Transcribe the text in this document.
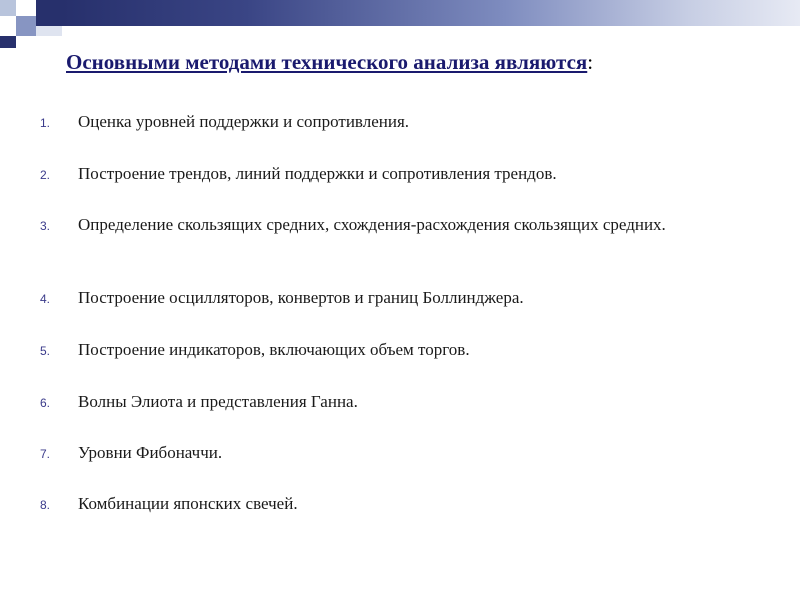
Основными методами технического анализа являются:
1. Оценка уровней поддержки и сопротивления.
2. Построение трендов, линий поддержки и сопротивления трендов.
3. Определение скользящих средних, схождения-расхождения скользящих средних.
4. Построение осцилляторов, конвертов и границ Боллинджера.
5. Построение индикаторов, включающих объем торгов.
6. Волны Элиота и представления Ганна.
7. Уровни Фибоначчи.
8. Комбинации японских свечей.
